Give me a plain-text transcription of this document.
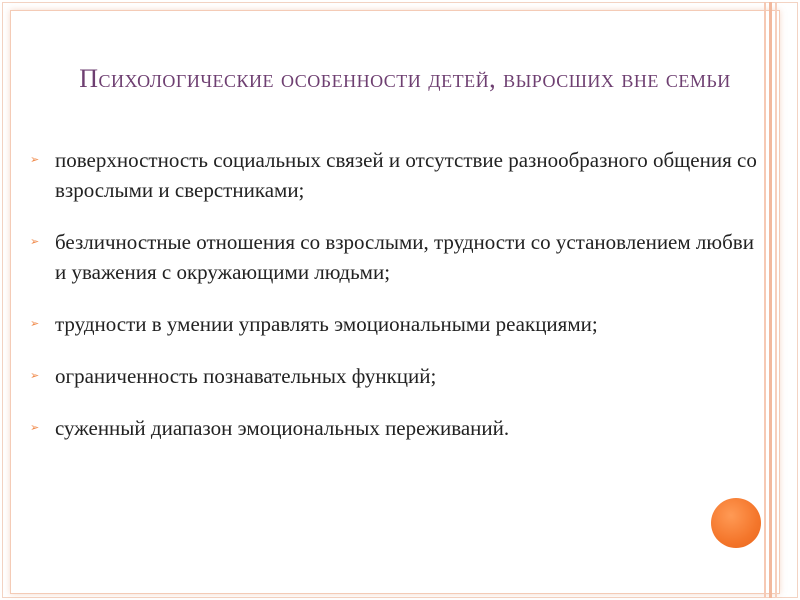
Психологические особенности детей, выросших вне семьи
➢ поверхностность социальных связей и отсутствие разнообразного общения со взрослыми и сверстниками;
➢ безличностные отношения со взрослыми, трудности со установлением любви и уважения с окружающими людьми;
➢ трудности в умении управлять эмоциональными реакциями;
➢ ограниченность познавательных функций;
➢ суженный диапазон эмоциональных переживаний.
